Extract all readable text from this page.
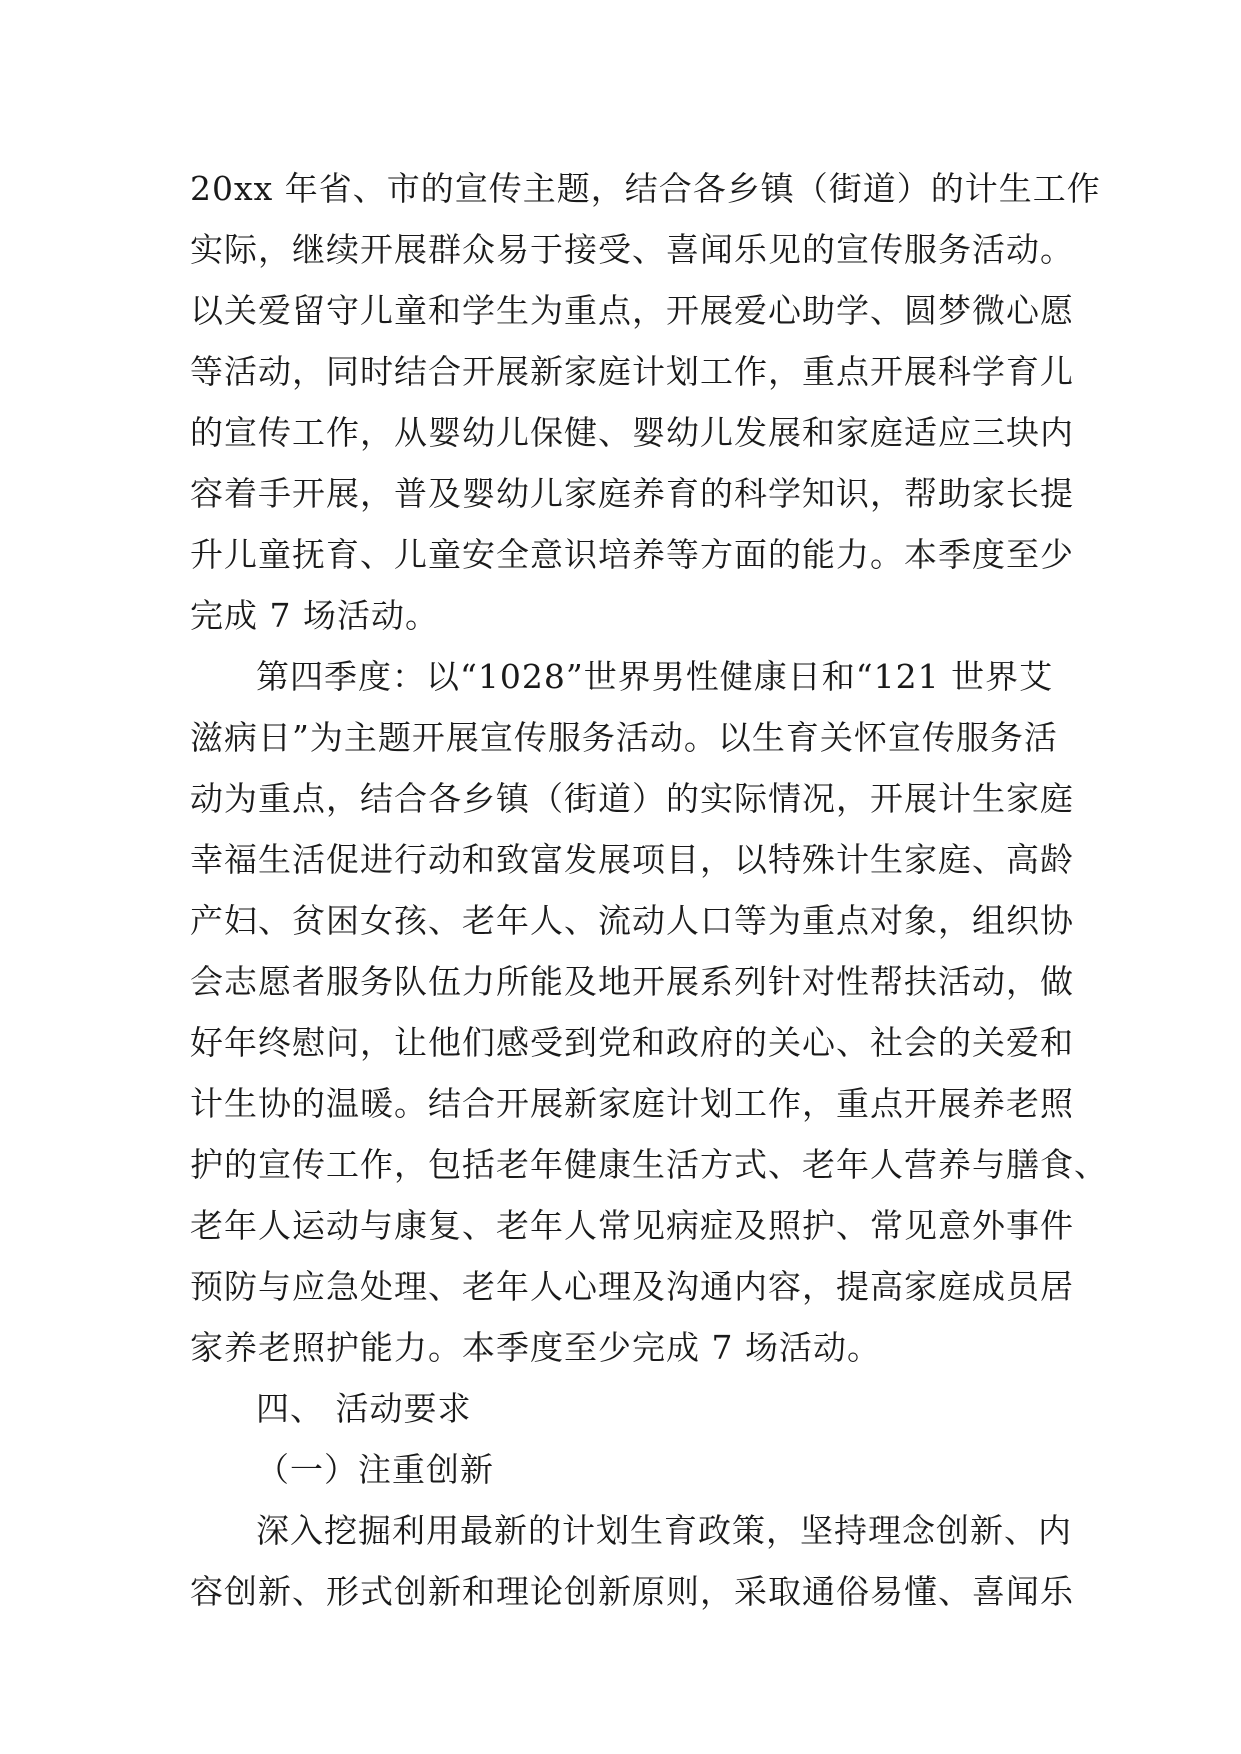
20xx 年省、市的宣传主题，结合各乡镇（街道）的计生工作
实际，继续开展群众易于接受、喜闻乐见的宣传服务活动。
以关爱留守儿童和学生为重点，开展爱心助学、圆梦微心愿
等活动，同时结合开展新家庭计划工作，重点开展科学育儿
的宣传工作，从婴幼儿保健、婴幼儿发展和家庭适应三块内
容着手开展，普及婴幼儿家庭养育的科学知识，帮助家长提
升儿童抚育、儿童安全意识培养等方面的能力。本季度至少
完成 7 场活动。
第四季度：以“1028”世界男性健康日和“121 世界艾
滋病日”为主题开展宣传服务活动。以生育关怀宣传服务活
动为重点，结合各乡镇（街道）的实际情况，开展计生家庭
幸福生活促进行动和致富发展项目，以特殊计生家庭、高龄
产妇、贫困女孩、老年人、流动人口等为重点对象，组织协
会志愿者服务队伍力所能及地开展系列针对性帮扶活动，做
好年终慰问，让他们感受到党和政府的关心、社会的关爱和
计生协的温暖。结合开展新家庭计划工作，重点开展养老照
护的宣传工作，包括老年健康生活方式、老年人营养与膳食、
老年人运动与康复、老年人常见病症及照护、常见意外事件
预防与应急处理、老年人心理及沟通内容，提高家庭成员居
家养老照护能力。本季度至少完成 7 场活动。
四、 活动要求
（一）注重创新
深入挖掘利用最新的计划生育政策，坚持理念创新、内
容创新、形式创新和理论创新原则，采取通俗易懂、喜闻乐
